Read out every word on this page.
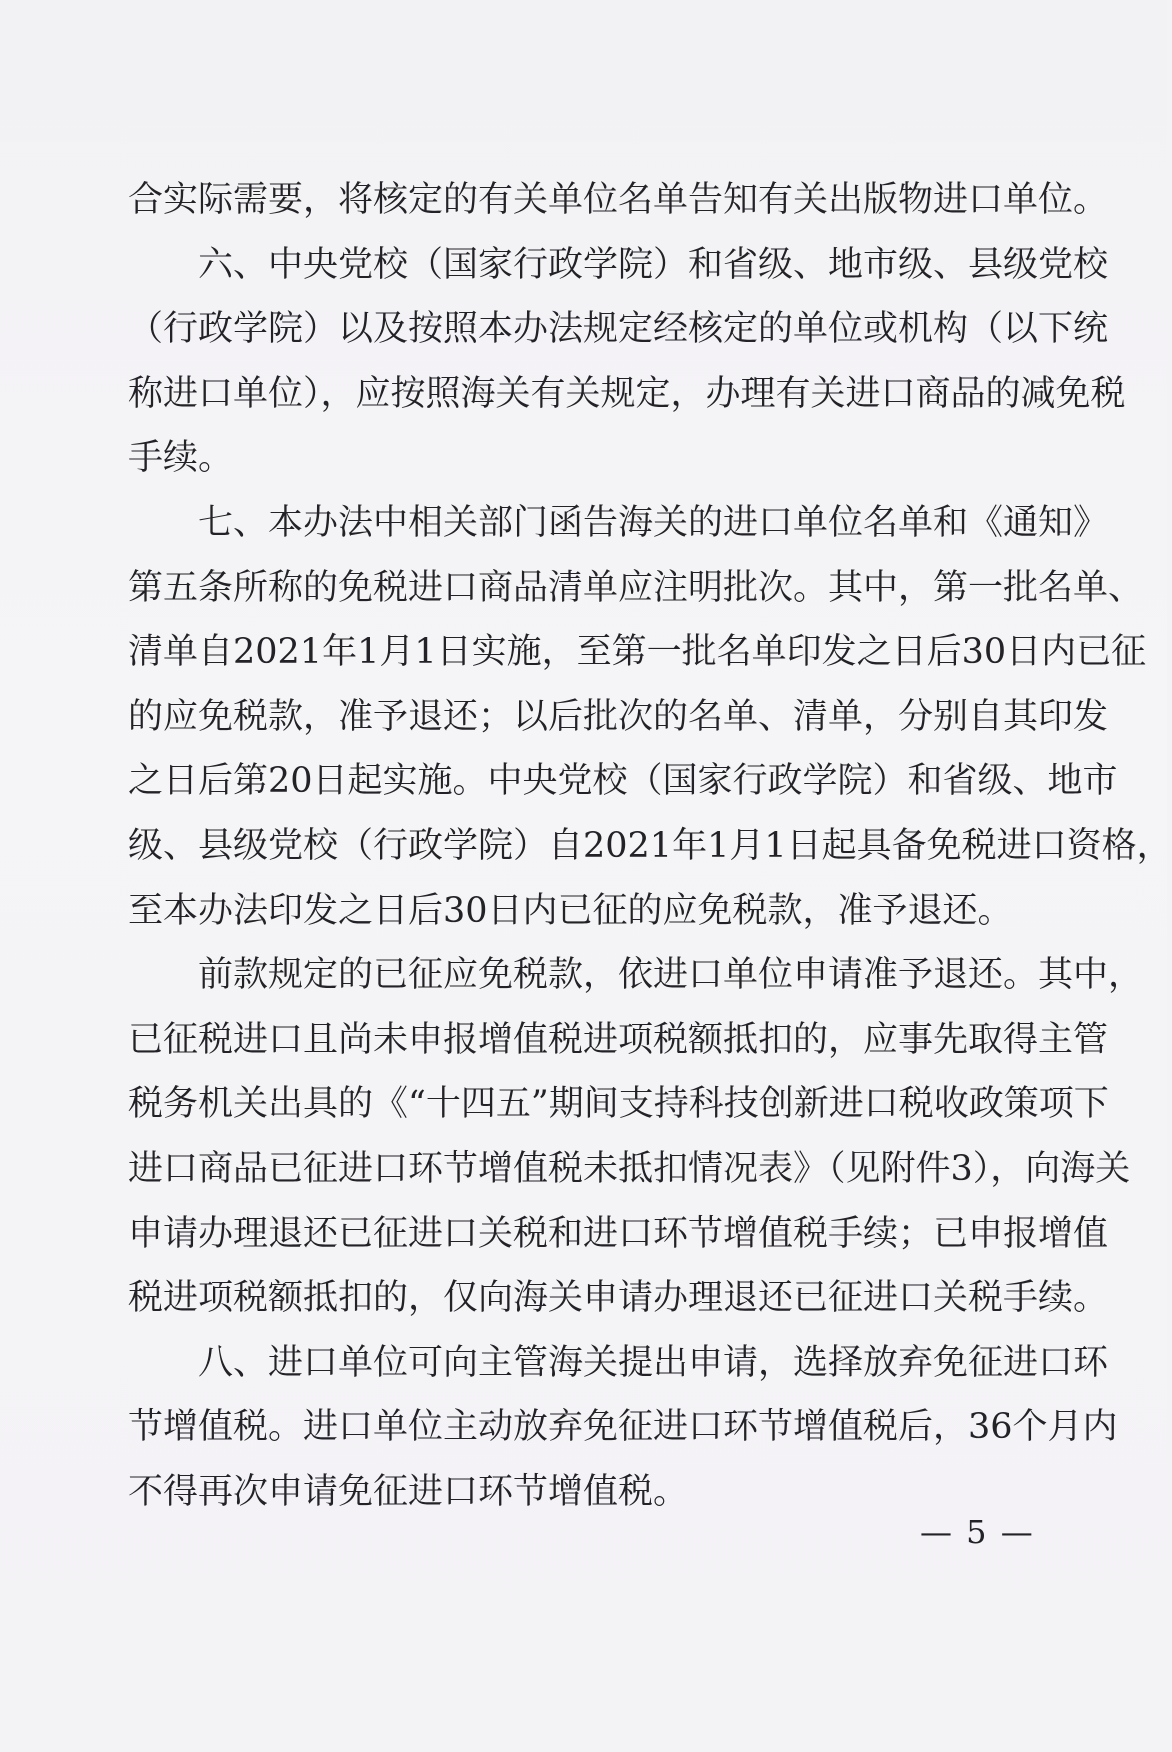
合实际需要，将核定的有关单位名单告知有关出版物进口单位。
　　六、中央党校（国家行政学院）和省级、地市级、县级党校
（行政学院）以及按照本办法规定经核定的单位或机构（以下统
称进口单位），应按照海关有关规定，办理有关进口商品的减免税
手续。
　　七、本办法中相关部门函告海关的进口单位名单和《通知》
第五条所称的免税进口商品清单应注明批次。其中，第一批名单、
清单自2021年1月1日实施，至第一批名单印发之日后30日内已征
的应免税款，准予退还；以后批次的名单、清单，分别自其印发
之日后第20日起实施。中央党校（国家行政学院）和省级、地市
级、县级党校（行政学院）自2021年1月1日起具备免税进口资格，
至本办法印发之日后30日内已征的应免税款，准予退还。
　　前款规定的已征应免税款，依进口单位申请准予退还。其中，
已征税进口且尚未申报增值税进项税额抵扣的，应事先取得主管
税务机关出具的《“十四五”期间支持科技创新进口税收政策项下
进口商品已征进口环节增值税未抵扣情况表》（见附件3），向海关
申请办理退还已征进口关税和进口环节增值税手续；已申报增值
税进项税额抵扣的，仅向海关申请办理退还已征进口关税手续。
　　八、进口单位可向主管海关提出申请，选择放弃免征进口环
节增值税。进口单位主动放弃免征进口环节增值税后，36个月内
不得再次申请免征进口环节增值税。
— 5 —
